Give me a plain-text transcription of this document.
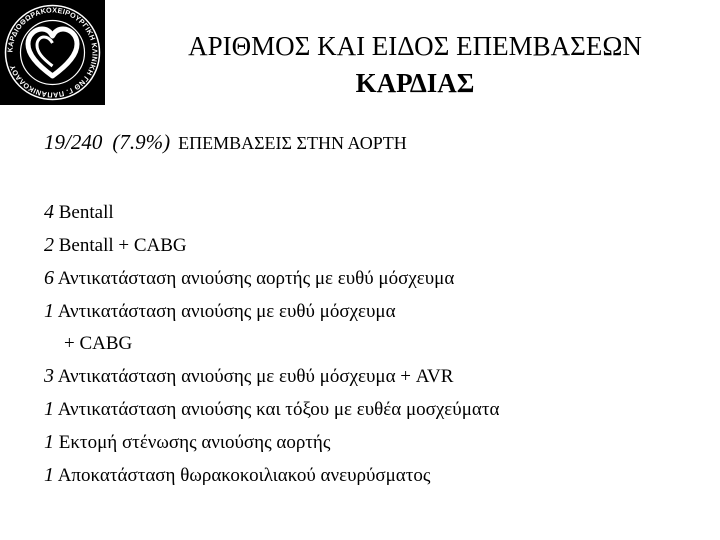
ΚΑΡΔΙΟΘΩΡΑΚΟΧΕΙΡΟΥΡΓΙΚΗ ΚΛΙΝΙΚΗ ΓΝΘ Γ. ΠΑΠΑΝΙΚΟΛΑΟΥ
ΑΡΙΘΜΟΣ ΚΑΙ ΕΙΔΟΣ ΕΠΕΜΒΑΣΕΩΝ
ΚΑΡΔΙΑΣ
19/240 (7.9%) ΕΠΕΜΒΑΣΕΙΣ ΣΤΗΝ ΑΟΡΤΗ
4 Bentall
2 Bentall + CABG
6 Αντικατάσταση ανιούσης αορτής με ευθύ μόσχευμα
1 Αντικατάσταση ανιούσης με ευθύ μόσχευμα
+ CABG
3 Αντικατάσταση ανιούσης με ευθύ μόσχευμα + AVR
1 Αντικατάσταση ανιούσης και τόξου με ευθέα μοσχεύματα
1 Εκτομή στένωσης ανιούσης αορτής
1 Αποκατάσταση θωρακοκοιλιακού ανευρύσματος
